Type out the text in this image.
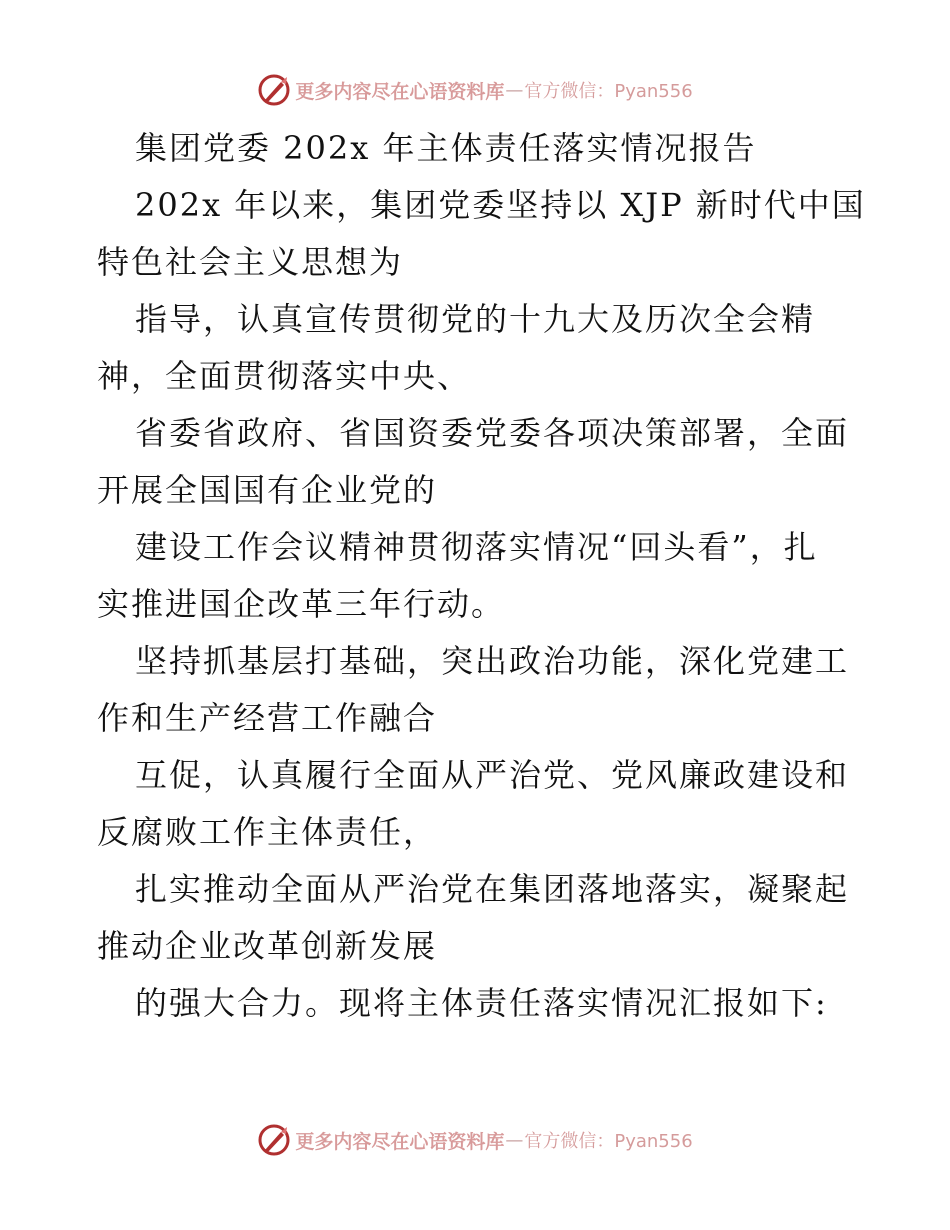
更多内容尽在心语资料库 — 官方微信：Pyan556

集团党委 202x 年主体责任落实情况报告

202x 年以来，集团党委坚持以 XJP 新时代中国

特色社会主义思想为

指导，认真宣传贯彻党的十九大及历次全会精

神，全面贯彻落实中央、

省委省政府、省国资委党委各项决策部署，全面

开展全国国有企业党的

建设工作会议精神贯彻落实情况“回头看”，扎

实推进国企改革三年行动。

坚持抓基层打基础，突出政治功能，深化党建工

作和生产经营工作融合

互促，认真履行全面从严治党、党风廉政建设和

反腐败工作主体责任，

扎实推动全面从严治党在集团落地落实，凝聚起

推动企业改革创新发展

的强大合力。现将主体责任落实情况汇报如下:

更多内容尽在心语资料库 — 官方微信：Pyan556
